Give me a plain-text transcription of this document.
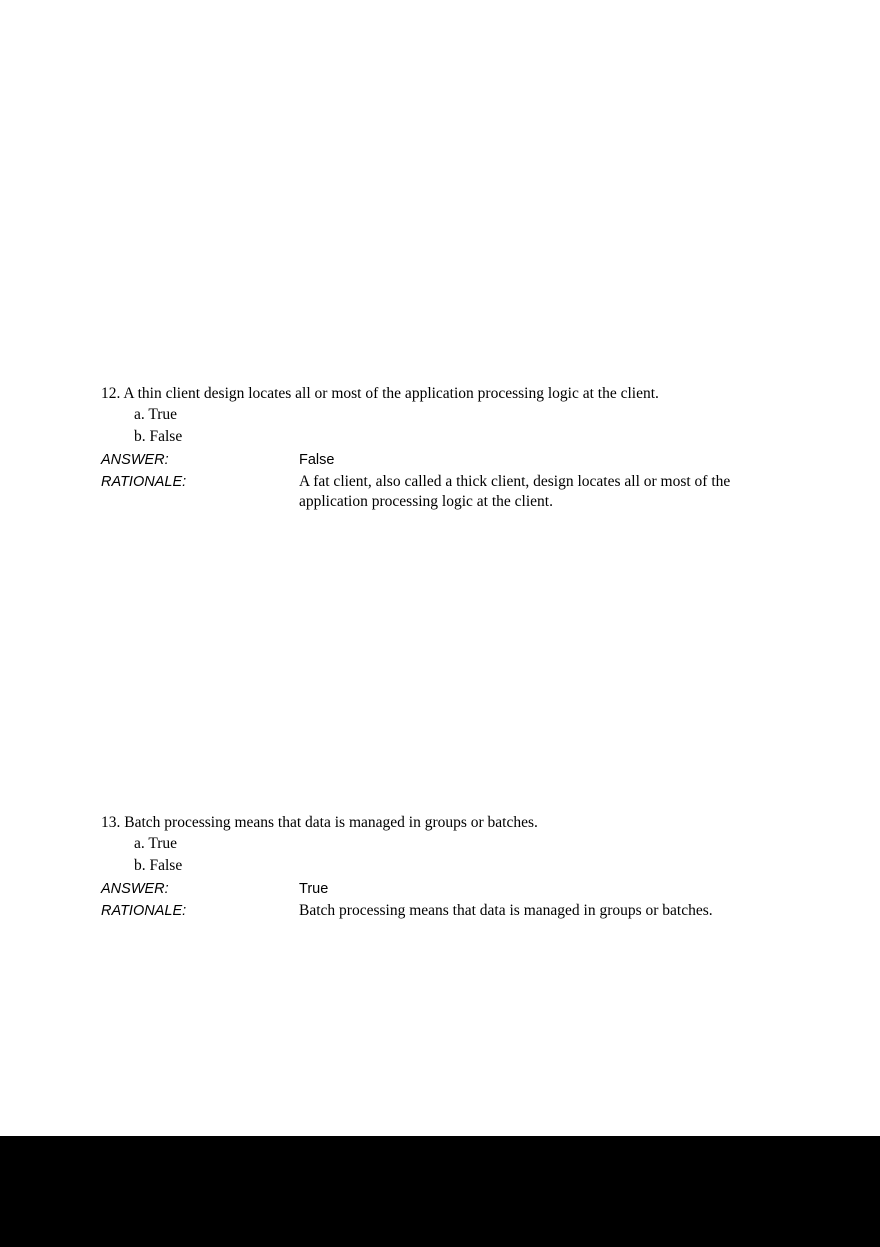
12. A thin client design locates all or most of the application processing logic at the client.
a. True
b. False
ANSWER:	False
RATIONALE:	A fat client, also called a thick client, design locates all or most of the application processing logic at the client.
13. Batch processing means that data is managed in groups or batches.
a. True
b. False
ANSWER:	True
RATIONALE:	Batch processing means that data is managed in groups or batches.
